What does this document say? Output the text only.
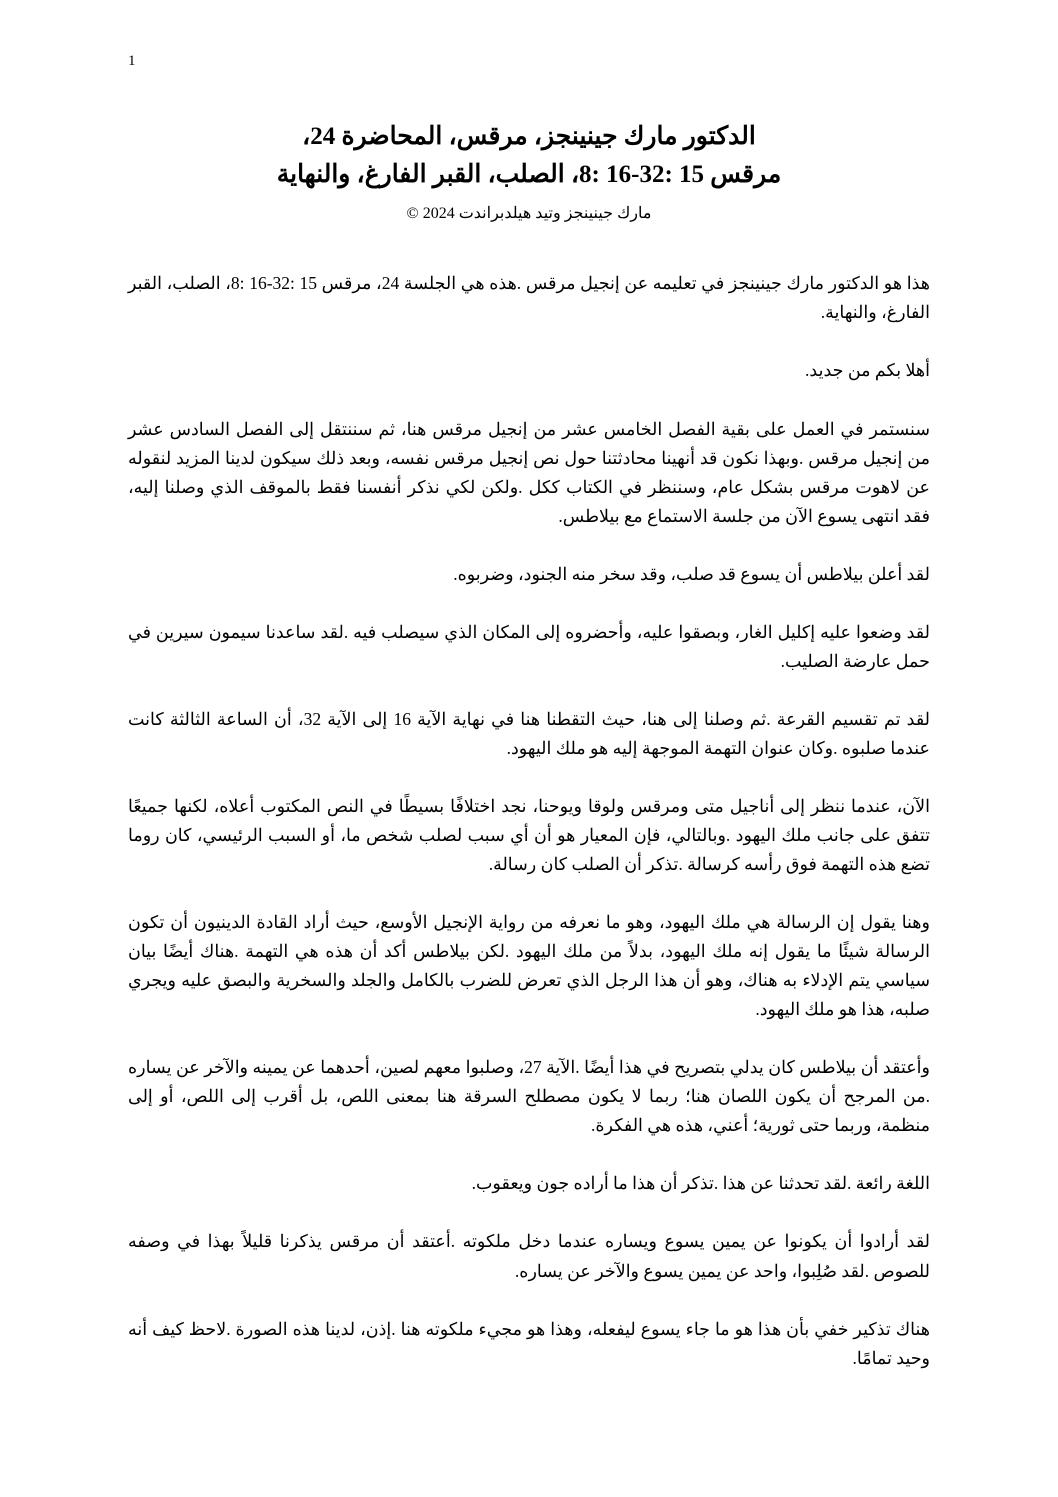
1
الدكتور مارك جينينجز، مرقس، المحاضرة 24،
مرقس 15 :32-16 :8، الصلب، القبر الفارغ، والنهاية
مارك جينينجز وتيد هيلدبراندت 2024 ©

هذا هو الدكتور مارك جينينجز في تعليمه عن إنجيل مرقس .هذه هي الجلسة 24، مرقس 15 :32-16 :8، الصلب، القبر الفارغ، والنهاية.

أهلا بكم من جديد.

سنستمر في العمل على بقية الفصل الخامس عشر من إنجيل مرقس هنا، ثم سننتقل إلى الفصل السادس عشر من إنجيل مرقس .وبهذا نكون قد أنهينا محادثتنا حول نص إنجيل مرقس نفسه، وبعد ذلك سيكون لدينا المزيد لنقوله عن لاهوت مرقس بشكل عام، وسننظر في الكتاب ككل .ولكن لكي نذكر أنفسنا فقط بالموقف الذي وصلنا إليه، فقد انتهى يسوع الآن من جلسة الاستماع مع بيلاطس.

لقد أعلن بيلاطس أن يسوع قد صلب، وقد سخر منه الجنود، وضربوه.

لقد وضعوا عليه إكليل الغار، وبصقوا عليه، وأحضروه إلى المكان الذي سيصلب فيه .لقد ساعدنا سيمون سيرين في حمل عارضة الصليب.

لقد تم تقسيم القرعة .ثم وصلنا إلى هنا، حيث التقطنا هنا في نهاية الآية 16 إلى الآية 32، أن الساعة الثالثة كانت عندما صلبوه .وكان عنوان التهمة الموجهة إليه هو ملك اليهود.

الآن، عندما ننظر إلى أناجيل متى ومرقس ولوقا ويوحنا، نجد اختلافًا بسيطًا في النص المكتوب أعلاه، لكنها جميعًا تتفق على جانب ملك اليهود .وبالتالي، فإن المعيار هو أن أي سبب لصلب شخص ما، أو السبب الرئيسي، كان روما تضع هذه التهمة فوق رأسه كرسالة .تذكر أن الصلب كان رسالة.

وهنا يقول إن الرسالة هي ملك اليهود، وهو ما نعرفه من رواية الإنجيل الأوسع، حيث أراد القادة الدينيون أن تكون الرسالة شيئًا ما يقول إنه ملك اليهود، بدلاً من ملك اليهود .لكن بيلاطس أكد أن هذه هي التهمة .هناك أيضًا بيان سياسي يتم الإدلاء به هناك، وهو أن هذا الرجل الذي تعرض للضرب بالكامل والجلد والسخرية والبصق عليه ويجري صلبه، هذا هو ملك اليهود.

وأعتقد أن بيلاطس كان يدلي بتصريح في هذا أيضًا .الآية 27، وصلبوا معهم لصين، أحدهما عن يمينه والآخر عن يساره .من المرجح أن يكون اللصان هنا؛ ربما لا يكون مصطلح السرقة هنا بمعنى اللص، بل أقرب إلى اللص، أو إلى منظمة، وربما حتى ثورية؛ أعني، هذه هي الفكرة.

اللغة رائعة .لقد تحدثنا عن هذا .تذكر أن هذا ما أراده جون ويعقوب.

لقد أرادوا أن يكونوا عن يمين يسوع ويساره عندما دخل ملكوته .أعتقد أن مرقس يذكرنا قليلاً بهذا في وصفه للصوص .لقد صُلِبوا، واحد عن يمين يسوع والآخر عن يساره.

هناك تذكير خفي بأن هذا هو ما جاء يسوع ليفعله، وهذا هو مجيء ملكوته هنا .إذن، لدينا هذه الصورة .لاحظ كيف أنه وحيد تمامًا.
